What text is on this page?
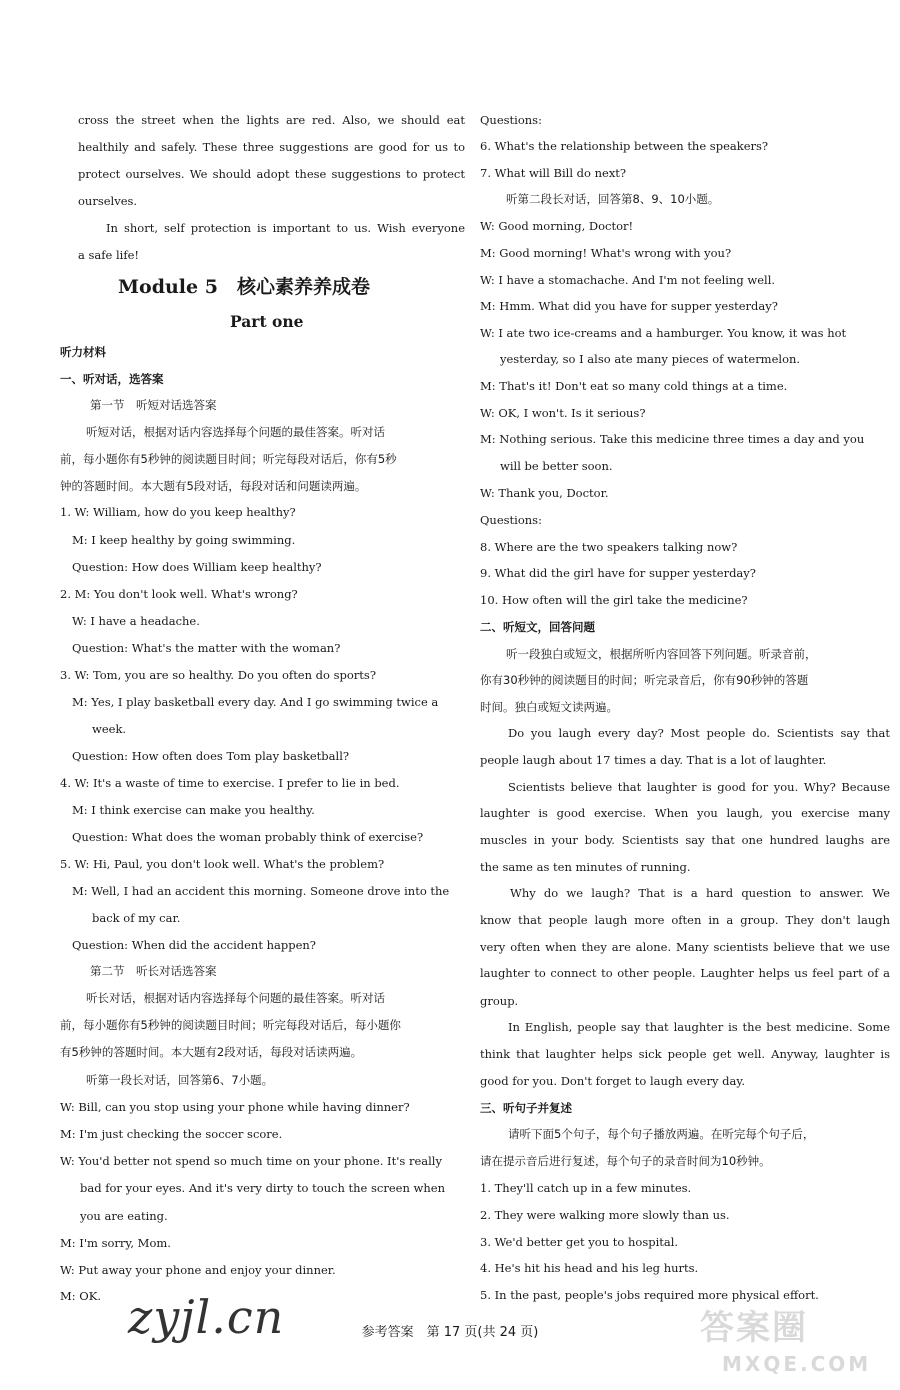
cross the street when the lights are red. Also, we should eat
healthily and safely. These three suggestions are good for us to
protect ourselves. We should adopt these suggestions to protect
ourselves.
In short, self protection is important to us. Wish everyone
a safe life!
Module 5　核心素养养成卷
Part one
听力材料
一、听对话，选答案
第一节　听短对话选答案
听短对话，根据对话内容选择每个问题的最佳答案。听对话
前，每小题你有5秒钟的阅读题目时间；听完每段对话后，你有5秒
钟的答题时间。本大题有5段对话，每段对话和问题读两遍。
1. W: William, how do you keep healthy?
M: I keep healthy by going swimming.
Question: How does William keep healthy?
2. M: You don't look well. What's wrong?
W: I have a headache.
Question: What's the matter with the woman?
3. W: Tom, you are so healthy. Do you often do sports?
M: Yes, I play basketball every day. And I go swimming twice a
week.
Question: How often does Tom play basketball?
4. W: It's a waste of time to exercise. I prefer to lie in bed.
M: I think exercise can make you healthy.
Question: What does the woman probably think of exercise?
5. W: Hi, Paul, you don't look well. What's the problem?
M: Well, I had an accident this morning. Someone drove into the
back of my car.
Question: When did the accident happen?
第二节　听长对话选答案
听长对话，根据对话内容选择每个问题的最佳答案。听对话
前，每小题你有5秒钟的阅读题目时间；听完每段对话后，每小题你
有5秒钟的答题时间。本大题有2段对话，每段对话读两遍。
听第一段长对话，回答第6、7小题。
W: Bill, can you stop using your phone while having dinner?
M: I'm just checking the soccer score.
W: You'd better not spend so much time on your phone. It's really
bad for your eyes. And it's very dirty to touch the screen when
you are eating.
M: I'm sorry, Mom.
W: Put away your phone and enjoy your dinner.
M: OK.
Questions:
6. What's the relationship between the speakers?
7. What will Bill do next?
听第二段长对话，回答第8、9、10小题。
W: Good morning, Doctor!
M: Good morning! What's wrong with you?
W: I have a stomachache. And I'm not feeling well.
M: Hmm. What did you have for supper yesterday?
W: I ate two ice-creams and a hamburger. You know, it was hot
yesterday, so I also ate many pieces of watermelon.
M: That's it! Don't eat so many cold things at a time.
W: OK, I won't. Is it serious?
M: Nothing serious. Take this medicine three times a day and you
will be better soon.
W: Thank you, Doctor.
Questions:
8. Where are the two speakers talking now?
9. What did the girl have for supper yesterday?
10. How often will the girl take the medicine?
二、听短文，回答问题
听一段独白或短文，根据所听内容回答下列问题。听录音前，
你有30秒钟的阅读题目的时间；听完录音后，你有90秒钟的答题
时间。独白或短文读两遍。
Do you laugh every day? Most people do. Scientists say that
people laugh about 17 times a day. That is a lot of laughter.
Scientists believe that laughter is good for you. Why? Because
laughter is good exercise. When you laugh, you exercise many
muscles in your body. Scientists say that one hundred laughs are
the same as ten minutes of running.
Why do we laugh? That is a hard question to answer. We
know that people laugh more often in a group. They don't laugh
very often when they are alone. Many scientists believe that we use
laughter to connect to other people. Laughter helps us feel part of a
group.
In English, people say that laughter is the best medicine. Some
think that laughter helps sick people get well. Anyway, laughter is
good for you. Don't forget to laugh every day.
三、听句子并复述
请听下面5个句子，每个句子播放两遍。在听完每个句子后，
请在提示音后进行复述，每个句子的录音时间为10秒钟。
1. They'll catch up in a few minutes.
2. They were walking more slowly than us.
3. We'd better get you to hospital.
4. He's hit his head and his leg hurts.
5. In the past, people's jobs required more physical effort.
参考答案　第 17 页(共 24 页)
zyjl.cn	答案圈
MXQE.COM
